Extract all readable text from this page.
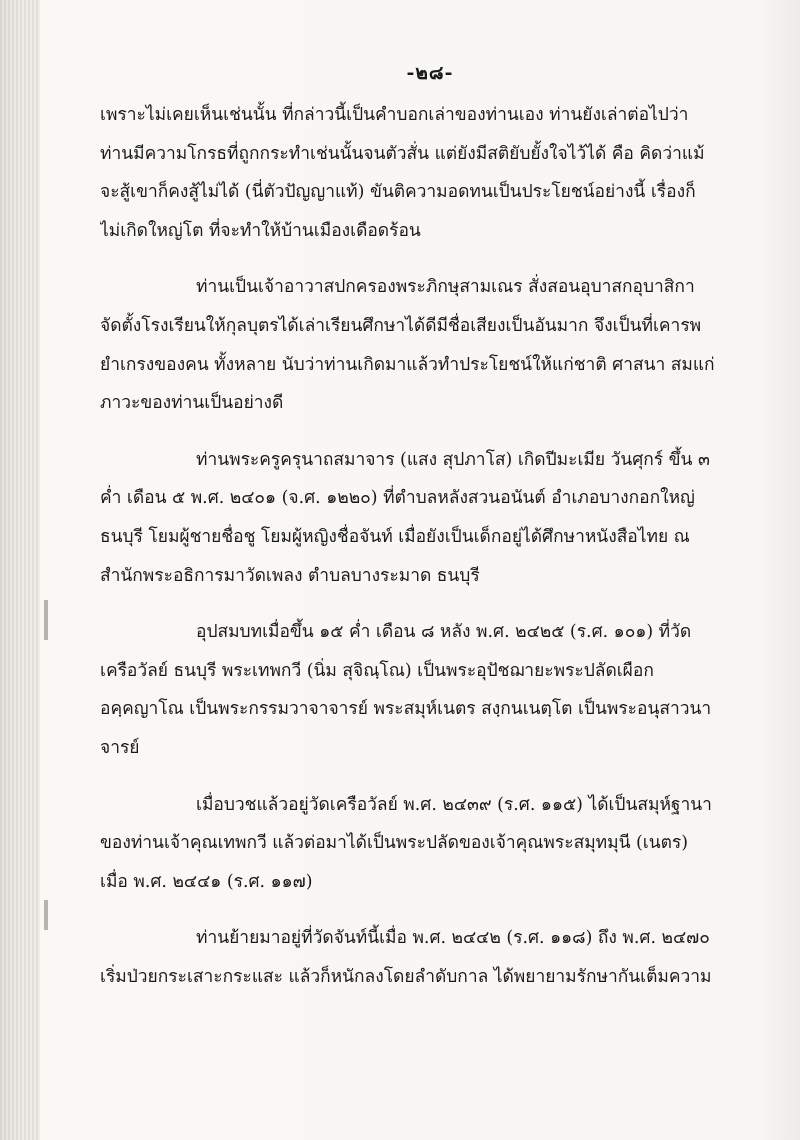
-๒๘-
เพราะไม่เคยเห็นเช่นนั้น ที่กล่าวนี้เป็นคำบอกเล่าของท่านเอง ท่านยังเล่าต่อไปว่า
ท่านมีความโกรธที่ถูกกระทำเช่นนั้นจนตัวสั่น แต่ยังมีสติยับยั้งใจไว้ได้ คือ คิดว่าแม้
จะสู้เขาก็คงสู้ไม่ได้ (นี่ตัวปัญญาแท้) ขันติความอดทนเป็นประโยชน์อย่างนี้ เรื่องก็
ไม่เกิดใหญ่โต ที่จะทำให้บ้านเมืองเดือดร้อน
ท่านเป็นเจ้าอาวาสปกครองพระภิกษุสามเณร สั่งสอนอุบาสกอุบาสิกา
จัดตั้งโรงเรียนให้กุลบุตรได้เล่าเรียนศึกษาได้ดีมีชื่อเสียงเป็นอันมาก จึงเป็นที่เคารพ
ยำเกรงของคน ทั้งหลาย นับว่าท่านเกิดมาแล้วทำประโยชน์ให้แก่ชาติ ศาสนา สมแก่
ภาวะของท่านเป็นอย่างดี
ท่านพระครูครุนาถสมาจาร (แสง สุปภาโส) เกิดปีมะเมีย วันศุกร์ ขึ้น ๓
ค่ำ เดือน ๕ พ.ศ. ๒๔๐๑ (จ.ศ. ๑๒๒๐) ที่ตำบลหลังสวนอนันต์ อำเภอบางกอกใหญ่
ธนบุรี โยมผู้ชายชื่อชู โยมผู้หญิงชื่อจันท์ เมื่อยังเป็นเด็กอยู่ได้ศึกษาหนังสือไทย ณ
สำนักพระอธิการมาวัดเพลง ตำบลบางระมาด ธนบุรี
อุปสมบทเมื่อขึ้น ๑๕ ค่ำ เดือน ๘ หลัง พ.ศ. ๒๔๒๕ (ร.ศ. ๑๐๑) ที่วัด
เครือวัลย์ ธนบุรี พระเทพกวี (นิ่ม สุจิณฺโณ) เป็นพระอุปัชฌายะพระปลัดเผือก
อคฺคญาโณ เป็นพระกรรมวาจาจารย์ พระสมุห์เนตร สงฺกนเนตฺโต เป็นพระอนุสาวนา
จารย์
เมื่อบวชแล้วอยู่วัดเครือวัลย์ พ.ศ. ๒๔๓๙ (ร.ศ. ๑๑๕) ได้เป็นสมุห์ฐานา
ของท่านเจ้าคุณเทพกวี แล้วต่อมาได้เป็นพระปลัดของเจ้าคุณพระสมุทมุนี (เนตร)
เมื่อ พ.ศ. ๒๔๔๑ (ร.ศ. ๑๑๗)
ท่านย้ายมาอยู่ที่วัดจันท์นี้เมื่อ พ.ศ. ๒๔๔๒ (ร.ศ. ๑๑๘) ถึง พ.ศ. ๒๔๗๐
เริ่มป่วยกระเสาะกระแสะ แล้วก็หนักลงโดยลำดับกาล ได้พยายามรักษากันเต็มความ
